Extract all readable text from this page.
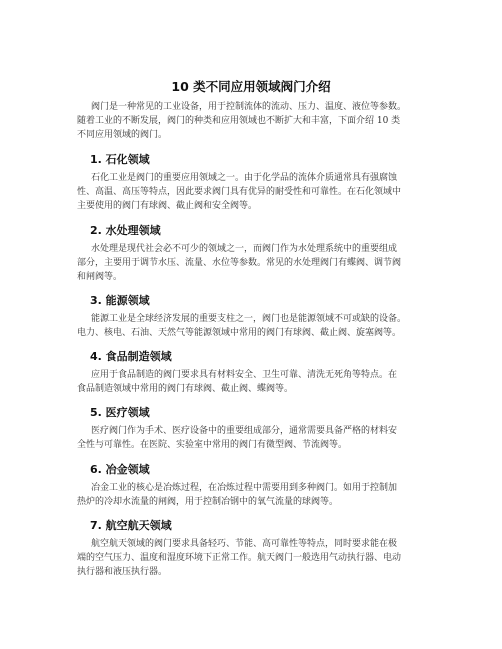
10 类不同应用领域阀门介绍

阀门是一种常见的工业设备，用于控制流体的流动、压力、温度、液位等参数。
随着工业的不断发展，阀门的种类和应用领域也不断扩大和丰富，下面介绍 10 类
不同应用领域的阀门。

1. 石化领域

石化工业是阀门的重要应用领域之一。由于化学品的流体介质通常具有强腐蚀
性、高温、高压等特点，因此要求阀门具有优异的耐受性和可靠性。在石化领域中
主要使用的阀门有球阀、截止阀和安全阀等。

2. 水处理领域

水处理是现代社会必不可少的领域之一，而阀门作为水处理系统中的重要组成
部分，主要用于调节水压、流量、水位等参数。常见的水处理阀门有蝶阀、调节阀
和闸阀等。

3. 能源领域

能源工业是全球经济发展的重要支柱之一，阀门也是能源领域不可或缺的设备。
电力、核电、石油、天然气等能源领域中常用的阀门有球阀、截止阀、旋塞阀等。

4. 食品制造领域

应用于食品制造的阀门要求具有材料安全、卫生可靠、清洗无死角等特点。在
食品制造领域中常用的阀门有球阀、截止阀、蝶阀等。

5. 医疗领域

医疗阀门作为手术、医疗设备中的重要组成部分，通常需要具备严格的材料安
全性与可靠性。在医院、实验室中常用的阀门有微型阀、节流阀等。

6. 冶金领域

冶金工业的核心是冶炼过程，在冶炼过程中需要用到多种阀门。如用于控制加
热炉的冷却水流量的闸阀，用于控制冶钢中的氧气流量的球阀等。

7. 航空航天领域

航空航天领域的阀门要求具备轻巧、节能、高可靠性等特点，同时要求能在极
端的空气压力、温度和湿度环境下正常工作。航天阀门一般选用气动执行器、电动
执行器和液压执行器。
